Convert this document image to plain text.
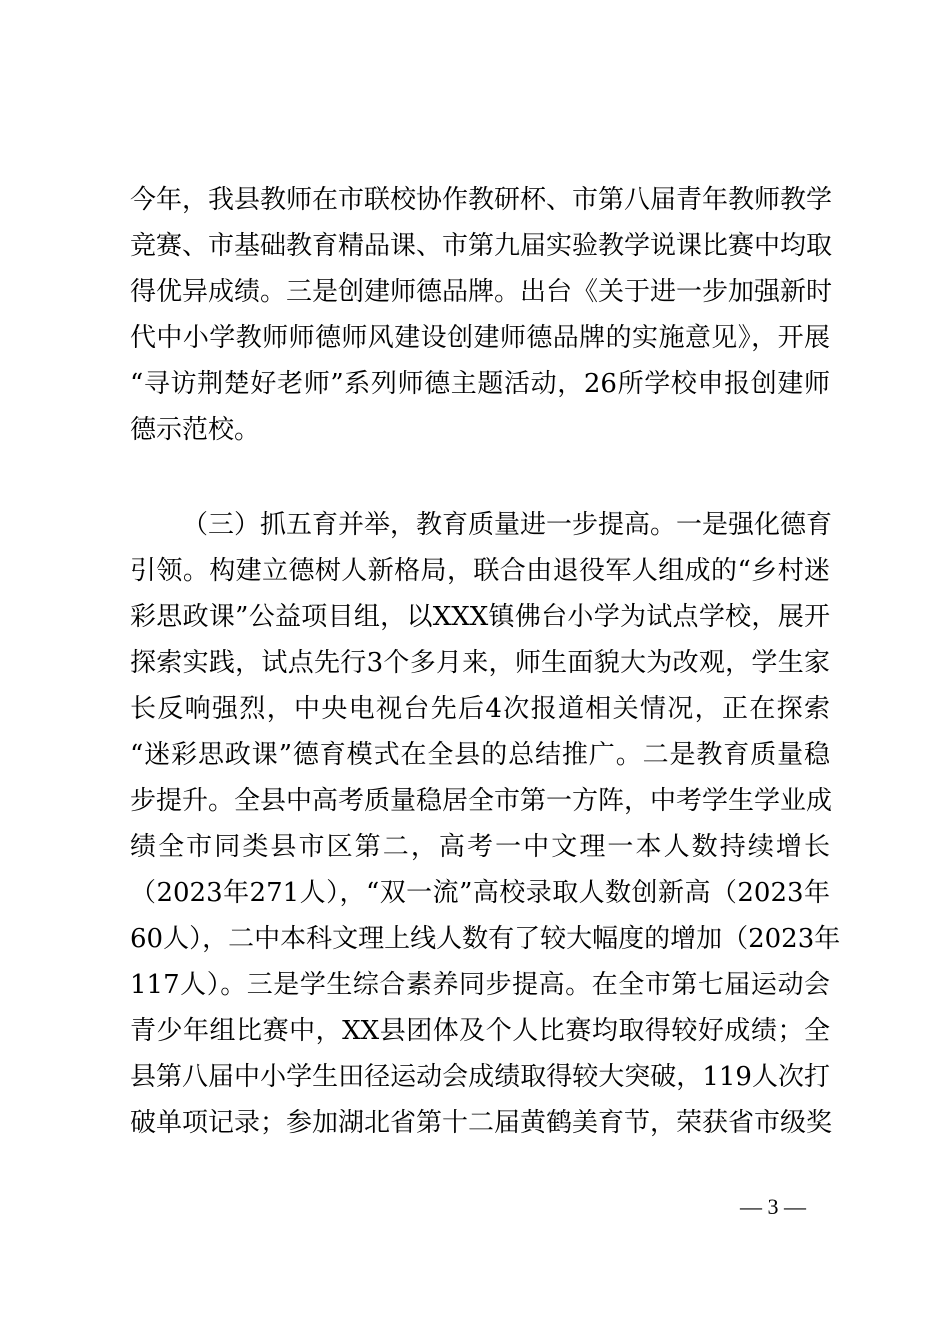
今年，我县教师在市联校协作教研杯、市第八届青年教师教学
竞赛、市基础教育精品课、市第九届实验教学说课比赛中均取
得优异成绩。三是创建师德品牌。出台《关于进一步加强新时
代中小学教师师德师风建设创建师德品牌的实施意见》，开展
“寻访荆楚好老师”系列师德主题活动，26所学校申报创建师
德示范校。
（三）抓五育并举，教育质量进一步提高。一是强化德育
引领。构建立德树人新格局，联合由退役军人组成的“乡村迷
彩思政课”公益项目组，以XXX镇佛台小学为试点学校，展开
探索实践，试点先行3个多月来，师生面貌大为改观，学生家
长反响强烈，中央电视台先后4次报道相关情况，正在探索
“迷彩思政课”德育模式在全县的总结推广。二是教育质量稳
步提升。全县中高考质量稳居全市第一方阵，中考学生学业成
绩全市同类县市区第二，高考一中文理一本人数持续增长
（2023年271人），“双一流”高校录取人数创新高（2023年
60人），二中本科文理上线人数有了较大幅度的增加（2023年
117人）。三是学生综合素养同步提高。在全市第七届运动会
青少年组比赛中，XX县团体及个人比赛均取得较好成绩；全
县第八届中小学生田径运动会成绩取得较大突破，119人次打
破单项记录；参加湖北省第十二届黄鹤美育节，荣获省市级奖
— 3 —
